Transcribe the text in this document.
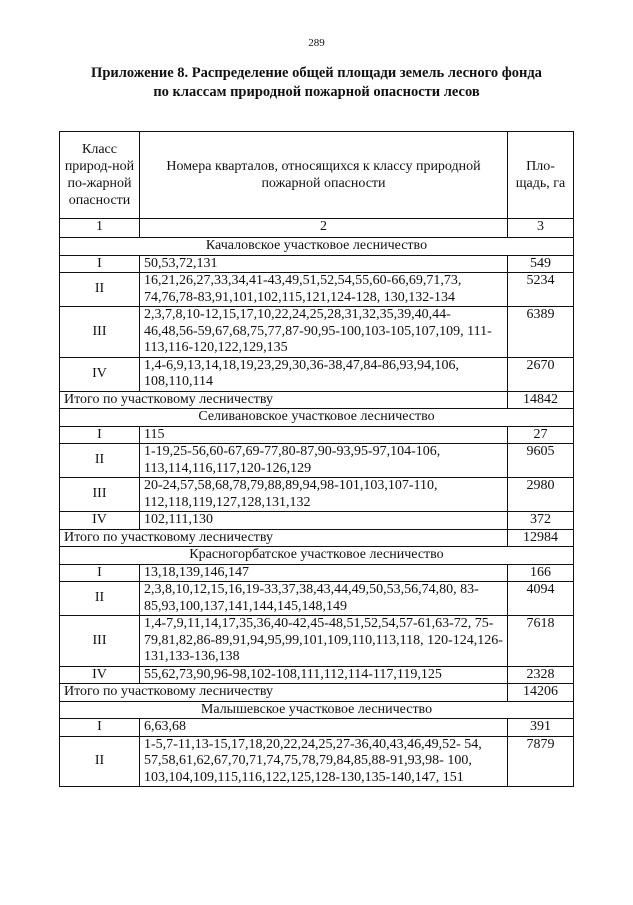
289
Приложение 8. Распределение общей площади земель лесного фонда
по классам природной пожарной опасности лесов
Класс природ-ной по-жарной опасности	Номера кварталов, относящихся к классу природной пожарной опасности	Пло-щадь, га
1	2	3
Качаловское участковое лесничество		
I	50,53,72,131	549
II	16,21,26,27,33,34,41-43,49,51,52,54,55,60-66,69,71,73, 74,76,78-83,91,101,102,115,121,124-128, 130,132-134	5234
III	2,3,7,8,10-12,15,17,10,22,24,25,28,31,32,35,39,40,44- 46,48,56-59,67,68,75,77,87-90,95-100,103-105,107,109, 111-113,116-120,122,129,135	6389
IV	1,4-6,9,13,14,18,19,23,29,30,36-38,47,84-86,93,94,106, 108,110,114	2670
Итого по участковому лесничеству		14842
Селивановское участковое лесничество		
I	115	27
II	1-19,25-56,60-67,69-77,80-87,90-93,95-97,104-106, 113,114,116,117,120-126,129	9605
III	20-24,57,58,68,78,79,88,89,94,98-101,103,107-110, 112,118,119,127,128,131,132	2980
IV	102,111,130	372
Итого по участковому лесничеству		12984
Красногорбатское участковое лесничество		
I	13,18,139,146,147	166
II	2,3,8,10,12,15,16,19-33,37,38,43,44,49,50,53,56,74,80, 83-85,93,100,137,141,144,145,148,149	4094
III	1,4-7,9,11,14,17,35,36,40-42,45-48,51,52,54,57-61,63-72, 75-79,81,82,86-89,91,94,95,99,101,109,110,113,118, 120-124,126-131,133-136,138	7618
IV	55,62,73,90,96-98,102-108,111,112,114-117,119,125	2328
Итого по участковому лесничеству		14206
Малышевское участковое лесничество		
I	6,63,68	391
II	1-5,7-11,13-15,17,18,20,22,24,25,27-36,40,43,46,49,52- 54, 57,58,61,62,67,70,71,74,75,78,79,84,85,88-91,93,98- 100, 103,104,109,115,116,122,125,128-130,135-140,147, 151	7879
